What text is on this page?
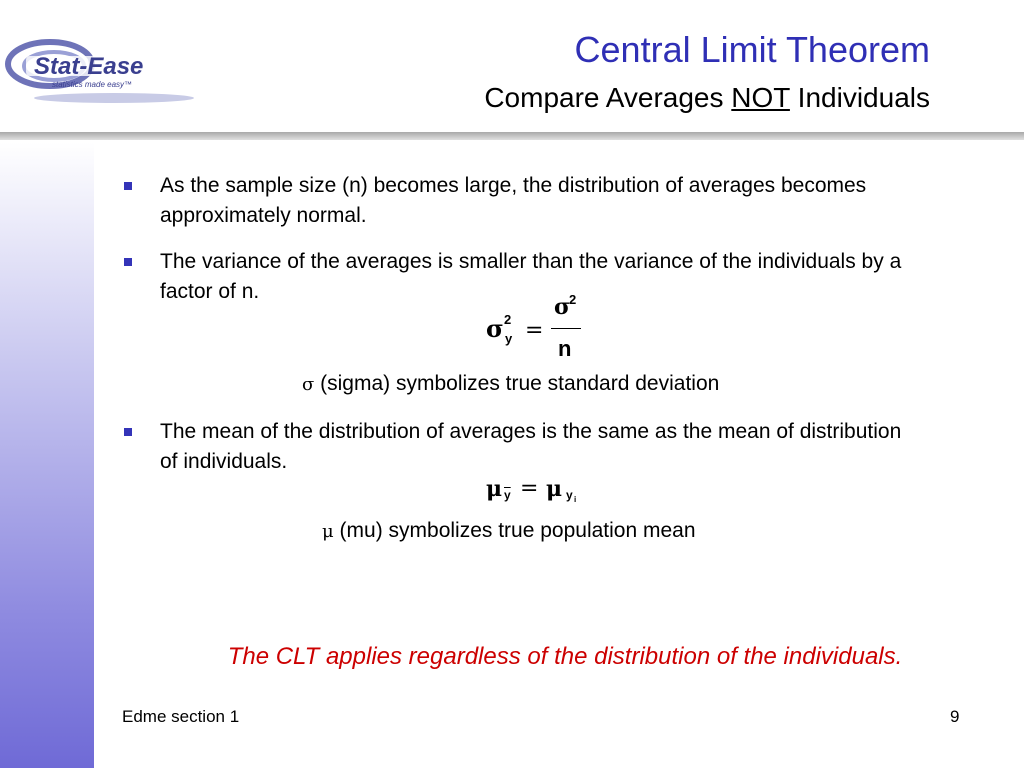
Stat-Ease
statistics made easy™
Central Limit Theorem
Compare Averages NOT Individuals
As the sample size (n) becomes large, the distribution of averages becomes approximately normal.
The variance of the averages is smaller than the variance of the individuals by a factor of n.
σ 2
y =
σ
2
n
σ (sigma) symbolizes true standard deviation
The mean of the distribution of averages is the same as the mean of distribution of individuals.
μ $\overline{y} = \mu$ y i
μ (mu) symbolizes true population mean
The CLT applies regardless of the distribution of the individuals.
Edme section 1	9
